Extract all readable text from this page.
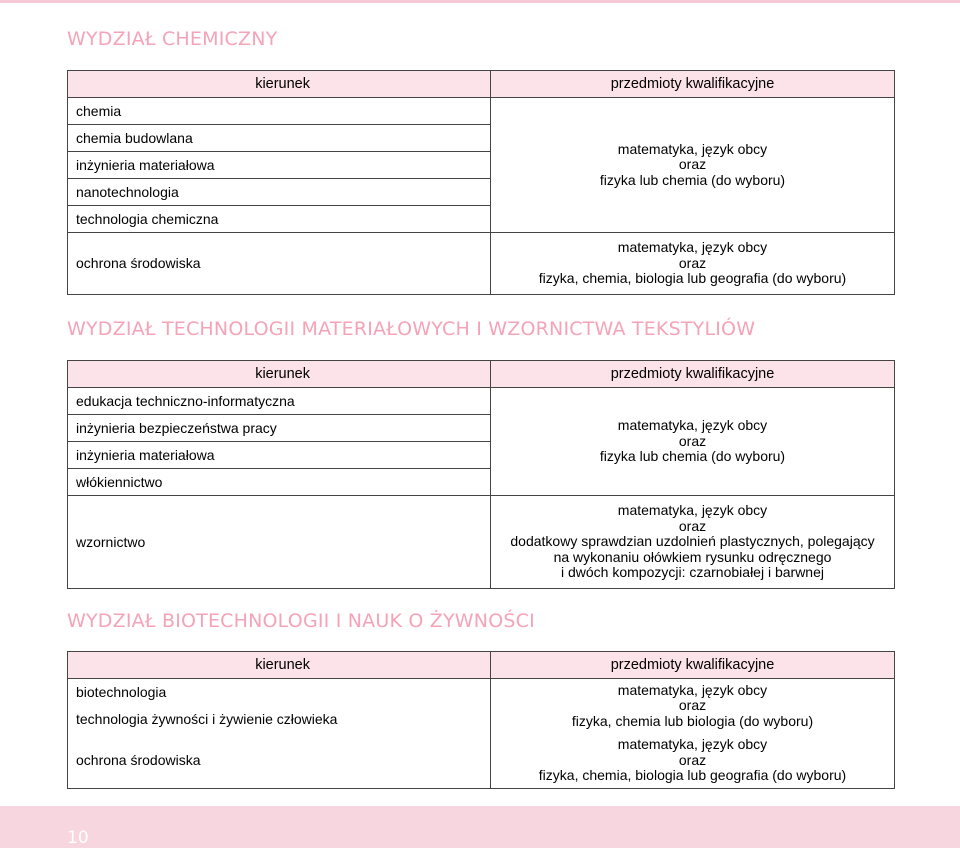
WYDZIAŁ CHEMICZNY
kierunek	przedmioty kwalifikacyjne
chemia	matematyka, język obcy
oraz
fizyka lub chemia (do wyboru)

chemia budowlana	
inżynieria materiałowa	
nanotechnologia	
technologia chemiczna	
ochrona środowiska	matematyka, język obcy
oraz
fizyka, chemia, biologia lub geografia (do wyboru)
WYDZIAŁ TECHNOLOGII MATERIAŁOWYCH I WZORNICTWA TEKSTYLIÓW
kierunek	przedmioty kwalifikacyjne
edukacja techniczno-informatyczna	matematyka, język obcy
oraz
fizyka lub chemia (do wyboru)

inżynieria bezpieczeństwa pracy	
inżynieria materiałowa	
włókiennictwo	
wzornictwo	matematyka, język obcy
oraz
dodatkowy sprawdzian uzdolnień plastycznych, polegający
na wykonaniu ołówkiem rysunku odręcznego
i dwóch kompozycji: czarnobiałej i barwnej
WYDZIAŁ BIOTECHNOLOGII I NAUK O ŻYWNOŚCI
kierunek	przedmioty kwalifikacyjne
biotechnologia	matematyka, język obcy
oraz
fizyka, chemia lub biologia (do wyboru)

technologia żywności i żywienie człowieka	
ochrona środowiska	matematyka, język obcy
oraz
fizyka, chemia, biologia lub geografia (do wyboru)
10
